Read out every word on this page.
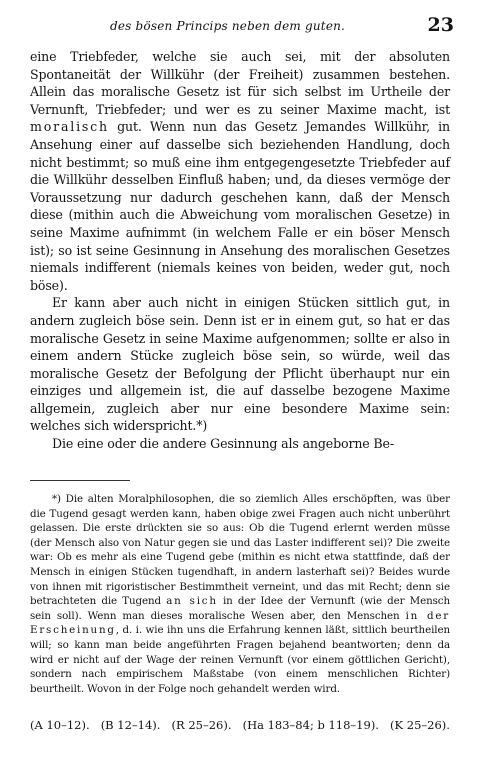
des bösen Princips neben dem guten.	23

eine Triebfeder, welche sie auch sei, mit der absoluten Spontaneität der Willkühr (der Freiheit) zusammen bestehen. Allein das moralische Gesetz ist für sich selbst im Urtheile der Vernunft, Triebfeder; und wer es zu seiner Maxime macht, ist moralisch gut. Wenn nun das Gesetz Jemandes Willkühr, in Ansehung einer auf dasselbe sich beziehenden Handlung, doch nicht bestimmt; so muß eine ihm entgegengesetzte Triebfeder auf die Willkühr desselben Einfluß haben; und, da dieses vermöge der Voraussetzung nur dadurch geschehen kann, daß der Mensch diese (mithin auch die Abweichung vom moralischen Gesetze) in seine Maxime aufnimmt (in welchem Falle er ein böser Mensch ist); so ist seine Gesinnung in Ansehung des moralischen Gesetzes niemals indifferent (niemals keines von beiden, weder gut, noch böse).

Er kann aber auch nicht in einigen Stücken sittlich gut, in andern zugleich böse sein. Denn ist er in einem gut, so hat er das moralische Gesetz in seine Maxime aufgenommen; sollte er also in einem andern Stücke zugleich böse sein, so würde, weil das moralische Gesetz der Befolgung der Pflicht überhaupt nur ein einziges und allgemein ist, die auf dasselbe bezogene Maxime allgemein, zugleich aber nur eine besondere Maxime sein: welches sich widerspricht.*)

Die eine oder die andere Gesinnung als angeborne Be-

*) Die alten Moralphilosophen, die so ziemlich Alles erschöpften, was über die Tugend gesagt werden kann, haben obige zwei Fragen auch nicht unberührt gelassen. Die erste drückten sie so aus: Ob die Tugend erlernt werden müsse (der Mensch also von Natur gegen sie und das Laster indifferent sei)? Die zweite war: Ob es mehr als eine Tugend gebe (mithin es nicht etwa stattfinde, daß der Mensch in einigen Stücken tugendhaft, in andern lasterhaft sei)? Beides wurde von ihnen mit rigoristischer Bestimmtheit verneint, und das mit Recht; denn sie betrachteten die Tugend an sich in der Idee der Vernunft (wie der Mensch sein soll). Wenn man dieses moralische Wesen aber, den Menschen in der Erscheinung, d. i. wie ihn uns die Erfahrung kennen läßt, sittlich beurtheilen will; so kann man beide angeführten Fragen bejahend beantworten; denn da wird er nicht auf der Wage der reinen Vernunft (vor einem göttlichen Gericht), sondern nach empirischem Maßstabe (von einem menschlichen Richter) beurtheilt. Wovon in der Folge noch gehandelt werden wird.

(A 10–12). (B 12–14). (R 25–26). (Ha 183–84; b 118–19). (K 25–26).
